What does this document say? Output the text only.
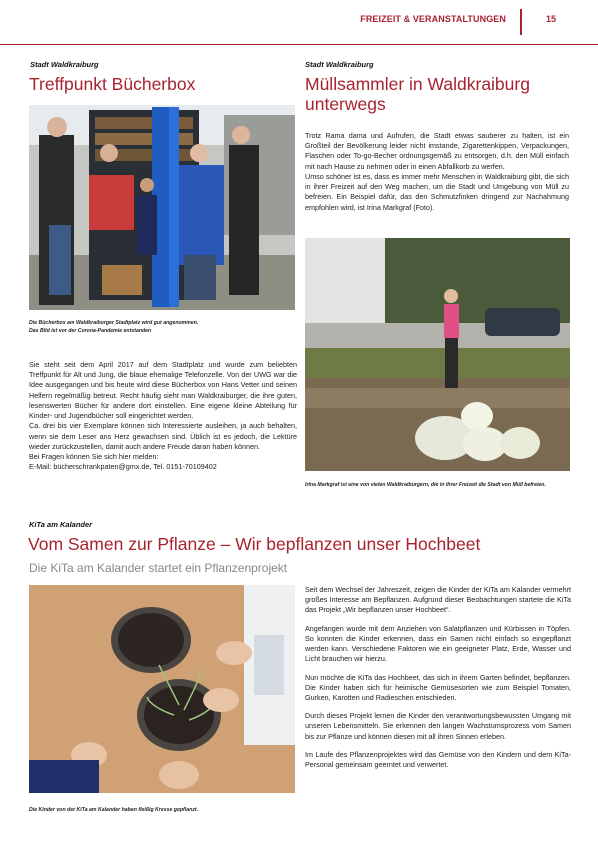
FREIZEIT & VERANSTALTUNGEN	15
Stadt Waldkraiburg
Treffpunkt Bücherbox
Die Bücherbox am Waldkraiburger Stadtplatz wird gut angenommen.
Das Bild ist vor der Corona-Pandemie entstanden

Sie steht seit dem April 2017 auf dem Stadtplatz und wurde zum beliebten Treffpunkt für Alt und Jung, die blaue ehemalige Telefonzelle. Von der UWG war die Idee ausgegangen und bis heute wird diese Bücherbox von Hans Vetter und seinen Helfern regelmäßig betreut. Recht häufig sieht man Waldkraiburger, die ihre guten, lesenswerten Bücher für andere dort einstellen. Eine eigene kleine Abteilung für Kinder- und Jugendbücher soll eingerichtet werden.

Ca. drei bis vier Exemplare können sich Interessierte ausleihen, ja auch behalten, wenn sie dem Leser ans Herz gewachsen sind. Üblich ist es jedoch, die Lektüre wieder zurückzustellen, damit auch andere Freude daran haben können.

Bei Fragen können Sie sich hier melden:

E-Mail: bücherschrankpaten@gmx.de, Tel. 0151-70109402

Stadt Waldkraiburg
Müllsammler in Waldkraiburg
unterwegs

Trotz Rama dama und Aufrufen, die Stadt etwas sauberer zu halten, ist ein Großteil der Bevölkerung leider nicht imstande, Zigarettenkippen, Verpackungen, Flaschen oder To-go-Becher ordnungsgemäß zu entsorgen, d.h. den Müll einfach mit nach Hause zu nehmen oder in einen Abfallkorb zu werfen.

Umso schöner ist es, dass es immer mehr Menschen in Waldkraiburg gibt, die sich in ihrer Freizeit auf den Weg machen, um die Stadt und Umgebung von Müll zu befreien. Ein Beispiel dafür, das den Schmutzfinken dringend zur Nachahmung empfohlen wird, ist Irina Markgraf (Foto).

Irina Markgraf ist eine von vielen Waldkraiburgern, die in ihrer Freizeit die Stadt von Müll befreien.
KiTa am Kalander
Vom Samen zur Pflanze – Wir bepflanzen unser Hochbeet
Die KiTa am Kalander startet ein Pflanzenprojekt
Die Kinder von der KiTa am Kalander haben fleißig Kresse gepflanzt.

Seit dem Wechsel der Jahreszeit, zeigen die Kinder der KiTa am Kalander vermehrt großes Interesse am Bepflanzen. Aufgrund dieser Beobachtungen startete die KiTa das Projekt „Wir bepflanzen unser Hochbeet“.

Angefangen wurde mit dem Anziehen von Salatpflanzen und Kürbissen in Töpfen. So konnten die Kinder erkennen, dass ein Samen nicht einfach so eingepflanzt werden kann. Verschiedene Faktoren wie ein geeigneter Platz, Erde, Wasser und Licht brauchen wir hierzu.

Nun möchte die KiTa das Hochbeet, das sich in ihrem Garten befindet, bepflanzen. Die Kinder haben sich für heimische Gemüsesorten wie zum Beispiel Tomaten, Gurken, Karotten und Radieschen entschieden.

Durch dieses Projekt lernen die Kinder den verantwortungsbewussten Umgang mit unseren Lebensmitteln. Sie erkennen den langen Wachstumsprozess vom Samen bis zur Pflanze und können diesen mit all ihren Sinnen erleben.

Im Laufe des Pflanzenprojektes wird das Gemüse von den Kindern und dem KiTa-Personal gemeinsam geerntet und verwertet.
